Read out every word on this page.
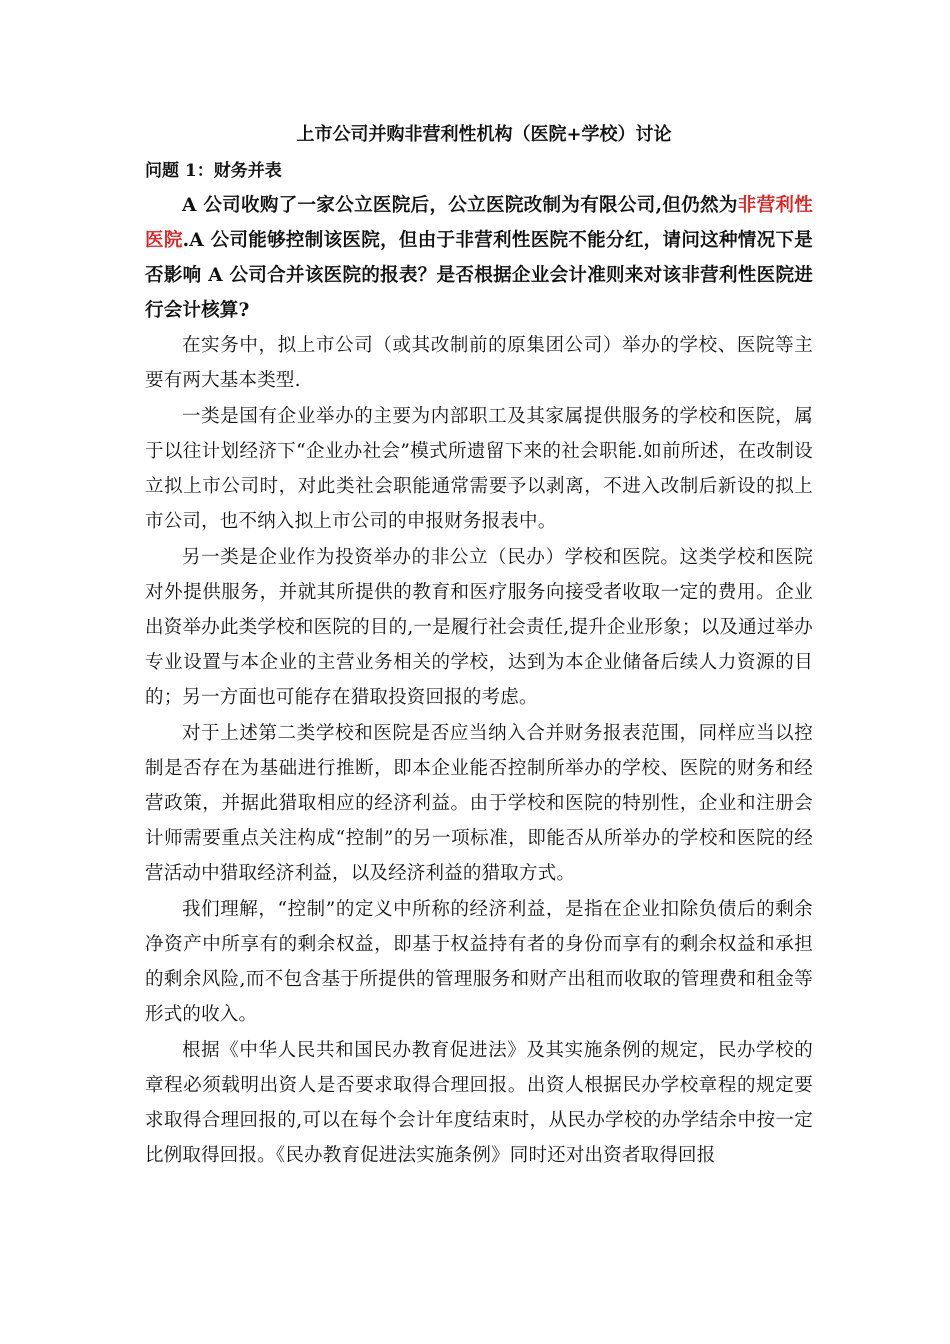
上市公司并购非营利性机构（医院+学校）讨论

问题 1：财务并表

A 公司收购了一家公立医院后，公立医院改制为有限公司,但仍然为非营利性医院.A 公司能够控制该医院，但由于非营利性医院不能分红，请问这种情况下是否影响 A 公司合并该医院的报表？是否根据企业会计准则来对该非营利性医院进行会计核算?

在实务中，拟上市公司（或其改制前的原集团公司）举办的学校、医院等主要有两大基本类型.

一类是国有企业举办的主要为内部职工及其家属提供服务的学校和医院，属于以往计划经济下“企业办社会”模式所遗留下来的社会职能.如前所述，在改制设立拟上市公司时，对此类社会职能通常需要予以剥离，不进入改制后新设的拟上市公司，也不纳入拟上市公司的申报财务报表中。

另一类是企业作为投资举办的非公立（民办）学校和医院。这类学校和医院对外提供服务，并就其所提供的教育和医疗服务向接受者收取一定的费用。企业出资举办此类学校和医院的目的,一是履行社会责任,提升企业形象；以及通过举办专业设置与本企业的主营业务相关的学校，达到为本企业储备后续人力资源的目的；另一方面也可能存在猎取投资回报的考虑。

对于上述第二类学校和医院是否应当纳入合并财务报表范围，同样应当以控制是否存在为基础进行推断，即本企业能否控制所举办的学校、医院的财务和经营政策，并据此猎取相应的经济利益。由于学校和医院的特别性，企业和注册会计师需要重点关注构成“控制”的另一项标准，即能否从所举办的学校和医院的经营活动中猎取经济利益，以及经济利益的猎取方式。

我们理解，“控制”的定义中所称的经济利益，是指在企业扣除负债后的剩余净资产中所享有的剩余权益，即基于权益持有者的身份而享有的剩余权益和承担的剩余风险,而不包含基于所提供的管理服务和财产出租而收取的管理费和租金等形式的收入。

根据《中华人民共和国民办教育促进法》及其实施条例的规定，民办学校的章程必须载明出资人是否要求取得合理回报。出资人根据民办学校章程的规定要求取得合理回报的,可以在每个会计年度结束时，从民办学校的办学结余中按一定比例取得回报。《民办教育促进法实施条例》同时还对出资者取得回报
